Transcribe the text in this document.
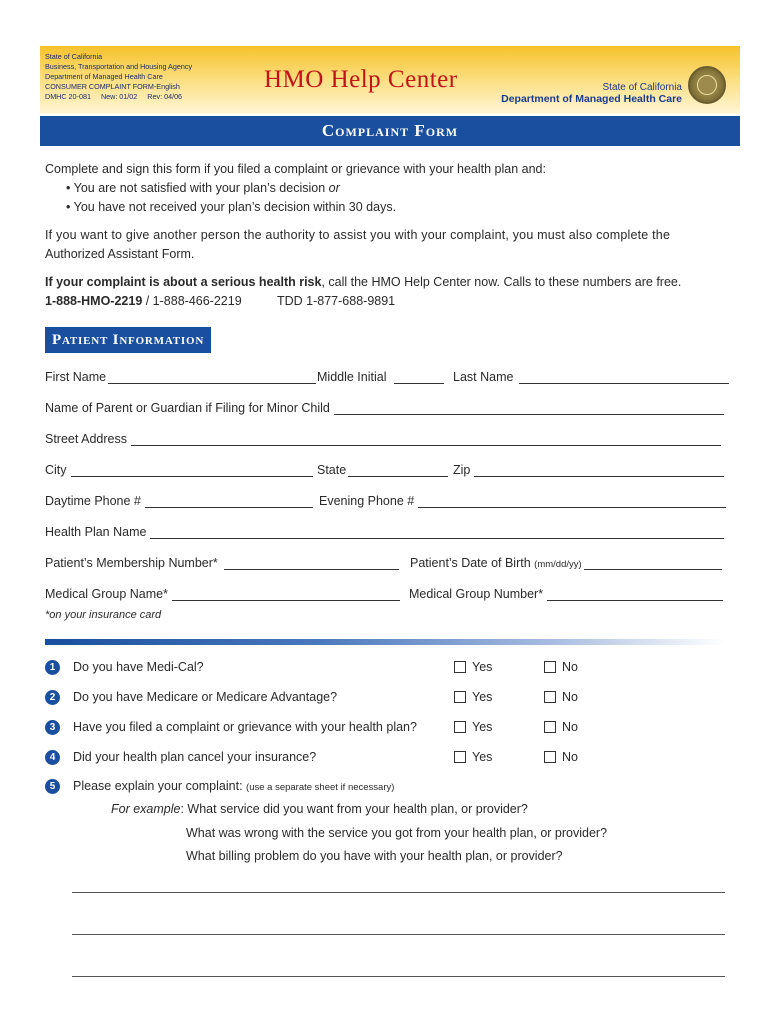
State of California
Business, Transportation and Housing Agency
Department of Managed Health Care
CONSUMER COMPLAINT FORM-English
DMHC 20-081 New: 01/02 Rev: 04/06
HMO Help Center	State of California
Department of Managed Health Care
Complaint Form
Complete and sign this form if you filed a complaint or grievance with your health plan and:
• You are not satisfied with your plan’s decision or
• You have not received your plan’s decision within 30 days.
If you want to give another person the authority to assist you with your complaint, you must also complete the
Authorized Assistant Form.
If your complaint is about a serious health risk, call the HMO Help Center now. Calls to these numbers are free.
1-888-HMO-2219 / 1-888-466-2219	TDD 1-877-688-9891
Patient Information
First Name	Middle Initial	Last Name
Name of Parent or Guardian if Filing for Minor Child
Street Address
City	State	Zip
Daytime Phone #	Evening Phone #
Health Plan Name
Patient’s Membership Number*	Patient’s Date of Birth
(mm/dd/yy)
Medical Group Name*	Medical Group Number*
*on your insurance card
1	Do you have Medi-Cal?	Yes	No
2	Do you have Medicare or Medicare Advantage?	Yes	No
3	Have you filed a complaint or grievance with your health plan?	Yes	No
4	Did your health plan cancel your insurance?	Yes	No
5	Please explain your complaint: (use a separate sheet if necessary)
For example: What service did you want from your health plan, or provider?
What was wrong with the service you got from your health plan, or provider?
What billing problem do you have with your health plan, or provider?
